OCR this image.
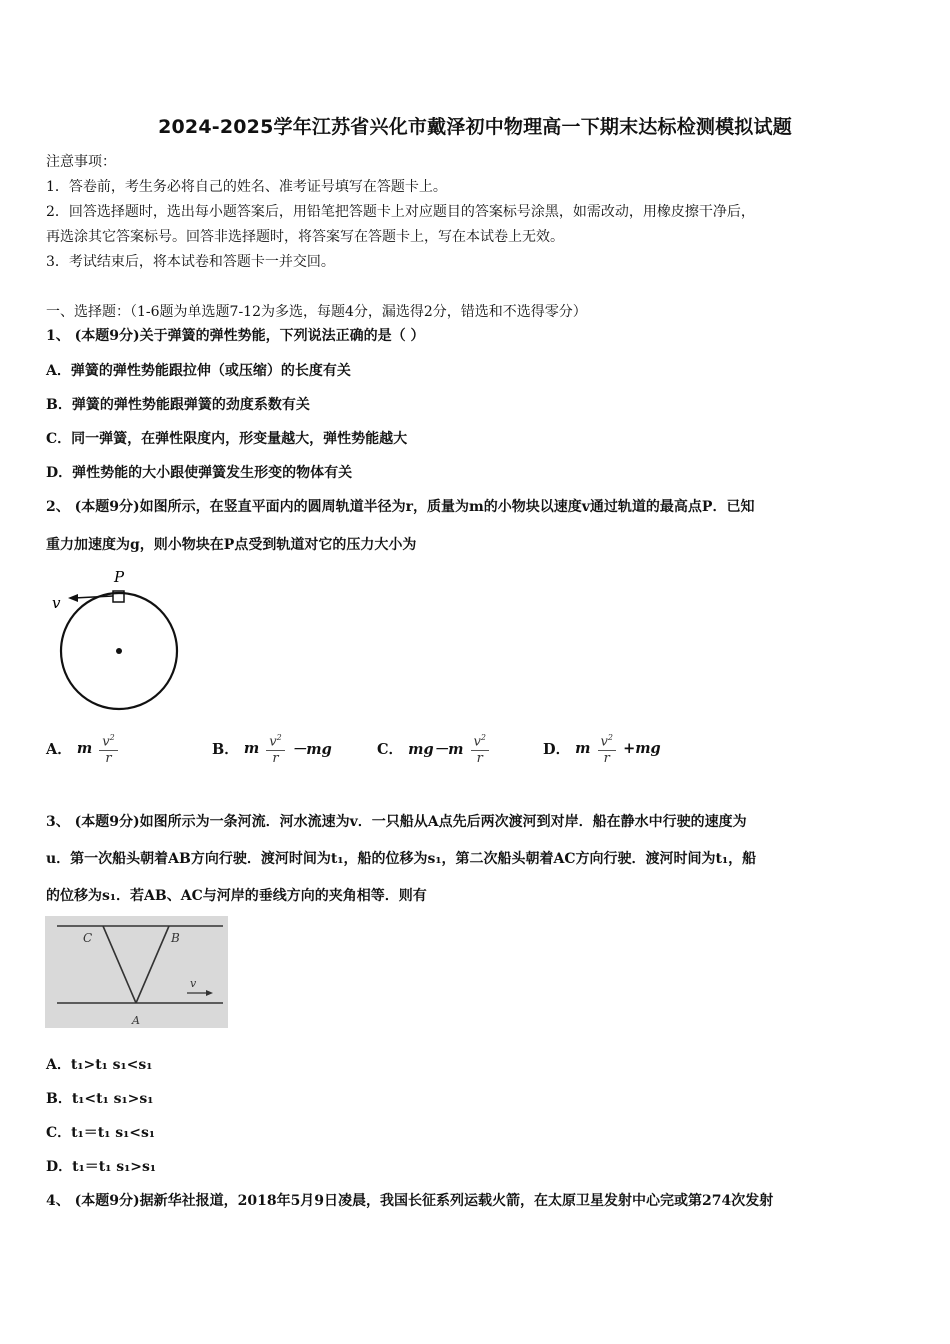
2024-2025学年江苏省兴化市戴泽初中物理高一下期末达标检测模拟试题
注意事项：
1．答卷前，考生务必将自己的姓名、准考证号填写在答题卡上。
2．回答选择题时，选出每小题答案后，用铅笔把答题卡上对应题目的答案标号涂黑，如需改动，用橡皮擦干净后，
再选涂其它答案标号。回答非选择题时，将答案写在答题卡上，写在本试卷上无效。
3．考试结束后，将本试卷和答题卡一并交回。
一、选择题：（1-6题为单选题7-12为多选，每题4分，漏选得2分，错选和不选得零分）
1、 (本题9分)关于弹簧的弹性势能，下列说法正确的是（ ）
A．弹簧的弹性势能跟拉伸（或压缩）的长度有关
B．弹簧的弹性势能跟弹簧的劲度系数有关
C．同一弹簧，在弹性限度内，形变量越大，弹性势能越大
D．弹性势能的大小跟使弹簧发生形变的物体有关
2、 (本题9分)如图所示，在竖直平面内的圆周轨道半径为r，质量为m的小物块以速度v通过轨道的最高点P．已知
重力加速度为g，则小物块在P点受到轨道对它的压力大小为
P
v
A． m $\frac{v^2}{r}$	B． m $\frac{v^2}{r} -mg$	C． $mg-m \frac{v^2}{r}$	D． m $\frac{v^2}{r} +mg$
3、 (本题9分)如图所示为一条河流．河水流速为v．一只船从A点先后两次渡河到对岸．船在静水中行驶的速度为
u．第一次船头朝着AB方向行驶．渡河时间为t₁，船的位移为s₁，第二次船头朝着AC方向行驶．渡河时间为t₁，船
的位移为s₁．若AB、AC与河岸的垂线方向的夹角相等．则有
C	B
A
v
A．t₁>t₁ s₁<s₁
B．t₁<t₁ s₁>s₁
C．t₁＝t₁ s₁<s₁
D．t₁＝t₁ s₁>s₁
4、 (本题9分)据新华社报道，2018年5月9日凌晨，我国长征系列运载火箭，在太原卫星发射中心完或第274次发射
